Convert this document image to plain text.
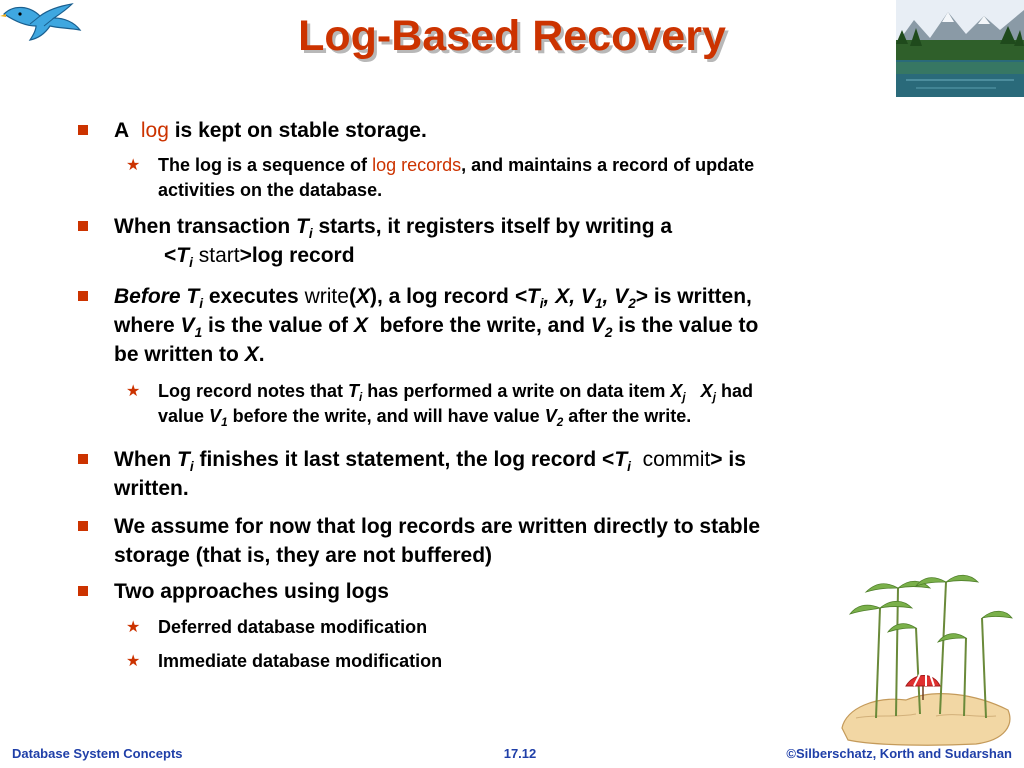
Log-Based Recovery
A log is kept on stable storage.
★ The log is a sequence of log records, and maintains a record of update
activities on the database.
When transaction $T_i$ starts, it registers itself by writing a
$<T_i$ start>log record
Before $T_i$ executes write(X), a log record $<T_i$, X, $V_1$, $V_2>$ is written,
where $V_1$ is the value of X before the write, and $V_2$ is the value to
be written to X.
★ Log record notes that $T_i$ has performed a write on data item $X_j$ $X_j$ had
value $V_1$ before the write, and will have value $V_2$ after the write.
When $T_i$ finishes it last statement, the log record $<T_i$ commit> is
written.
We assume for now that log records are written directly to stable
storage (that is, they are not buffered)
Two approaches using logs
★ Deferred database modification
★ Immediate database modification
Database System Concepts	17.12	©Silberschatz, Korth and Sudarshan
